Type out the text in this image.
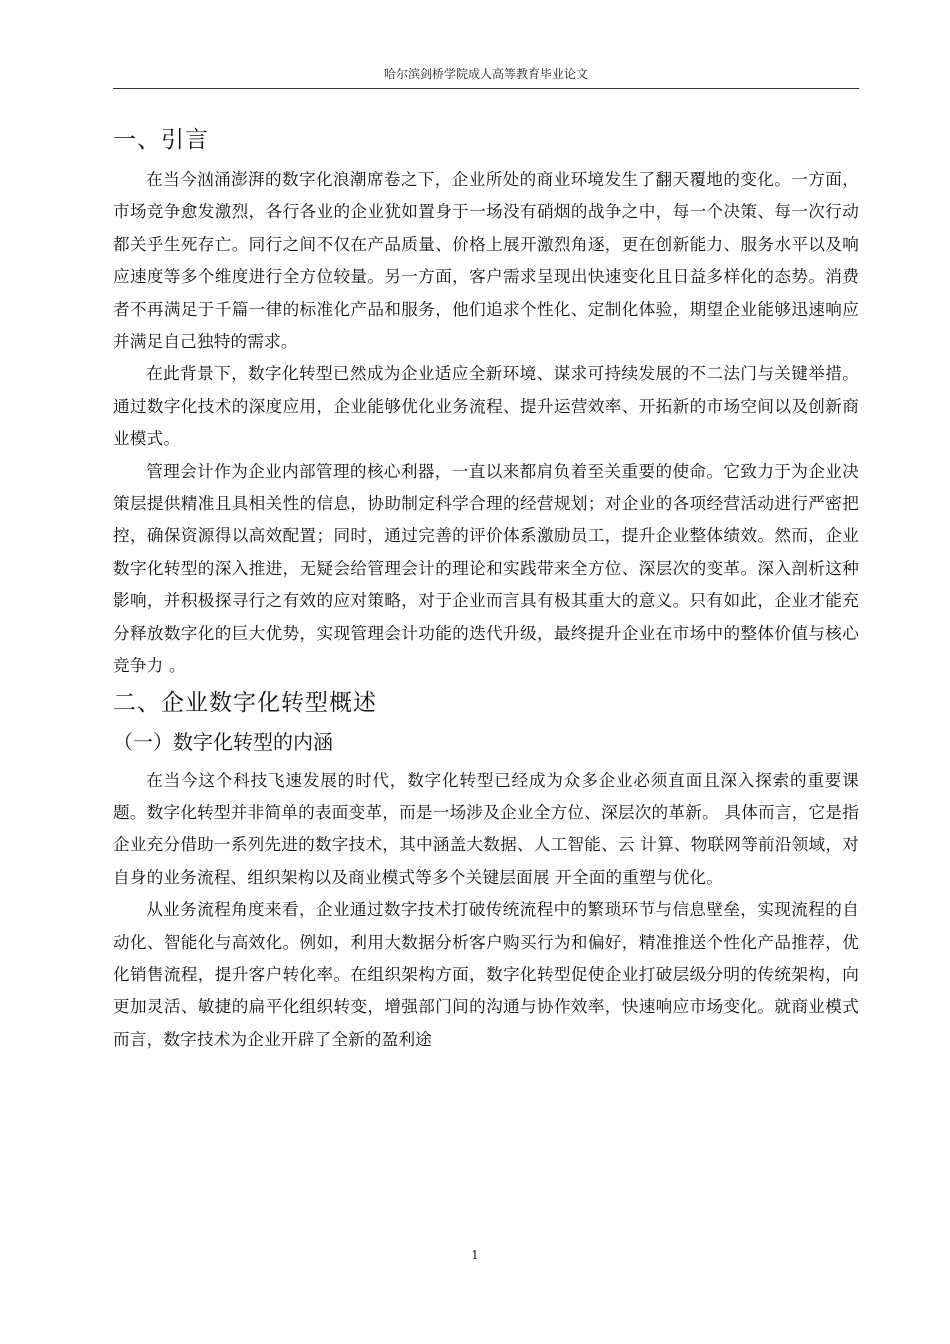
哈尔滨剑桥学院成人高等教育毕业论文
一、引言

在当今汹涌澎湃的数字化浪潮席卷之下，企业所处的商业环境发生了翻天覆地的变化。一方面，市场竞争愈发激烈，各行各业的企业犹如置身于一场没有硝烟的战争之中，每一个决策、每一次行动都关乎生死存亡。同行之间不仅在产品质量、价格上展开激烈角逐，更在创新能力、服务水平以及响应速度等多个维度进行全方位较量。另一方面，客户需求呈现出快速变化且日益多样化的态势。消费者不再满足于千篇一律的标准化产品和服务，他们追求个性化、定制化体验，期望企业能够迅速响应并满足自己独特的需求。

在此背景下，数字化转型已然成为企业适应全新环境、谋求可持续发展的不二法门与关键举措。通过数字化技术的深度应用，企业能够优化业务流程、提升运营效率、开拓新的市场空间以及创新商业模式。

管理会计作为企业内部管理的核心利器，一直以来都肩负着至关重要的使命。它致力于为企业决策层提供精准且具相关性的信息，协助制定科学合理的经营规划；对企业的各项经营活动进行严密把控，确保资源得以高效配置；同时，通过完善的评价体系激励员工，提升企业整体绩效。然而，企业数字化转型的深入推进，无疑会给管理会计的理论和实践带来全方位、深层次的变革。深入剖析这种影响，并积极探寻行之有效的应对策略，对于企业而言具有极其重大的意义。只有如此，企业才能充分释放数字化的巨大优势，实现管理会计功能的迭代升级，最终提升企业在市场中的整体价值与核心竞争力 。

二、企业数字化转型概述
（一）数字化转型的内涵

在当今这个科技飞速发展的时代，数字化转型已经成为众多企业必须直面且深入探索的重要课题。数字化转型并非简单的表面变革，而是一场涉及企业全方位、深层次的革新。 具体而言，它是指企业充分借助一系列先进的数字技术，其中涵盖大数据、人工智能、云 计算、物联网等前沿领域，对自身的业务流程、组织架构以及商业模式等多个关键层面展 开全面的重塑与优化。

从业务流程角度来看，企业通过数字技术打破传统流程中的繁琐环节与信息壁垒，实现流程的自动化、智能化与高效化。例如，利用大数据分析客户购买行为和偏好，精准推送个性化产品推荐，优化销售流程，提升客户转化率。在组织架构方面，数字化转型促使企业打破层级分明的传统架构，向更加灵活、敏捷的扁平化组织转变，增强部门间的沟通与协作效率，快速响应市场变化。就商业模式而言，数字技术为企业开辟了全新的盈利途

1
